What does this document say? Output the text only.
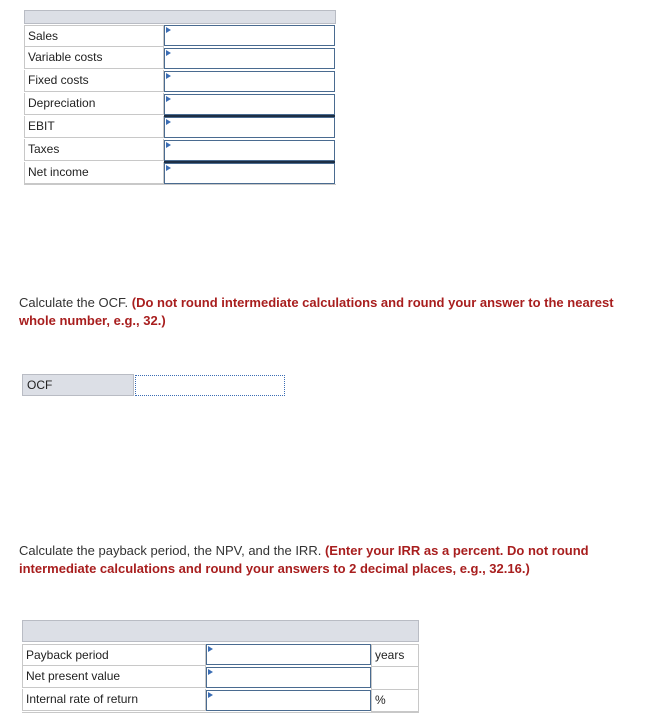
Sales
Variable costs
Fixed costs
Depreciation
EBIT
Taxes
Net income
Calculate the OCF. (Do not round intermediate calculations and round your answer to the nearest whole number, e.g., 32.)
OCF
Calculate the payback period, the NPV, and the IRR. (Enter your IRR as a percent. Do not round intermediate calculations and round your answers to 2 decimal places, e.g., 32.16.)
Payback period
Net present value
Internal rate of return
years
%
